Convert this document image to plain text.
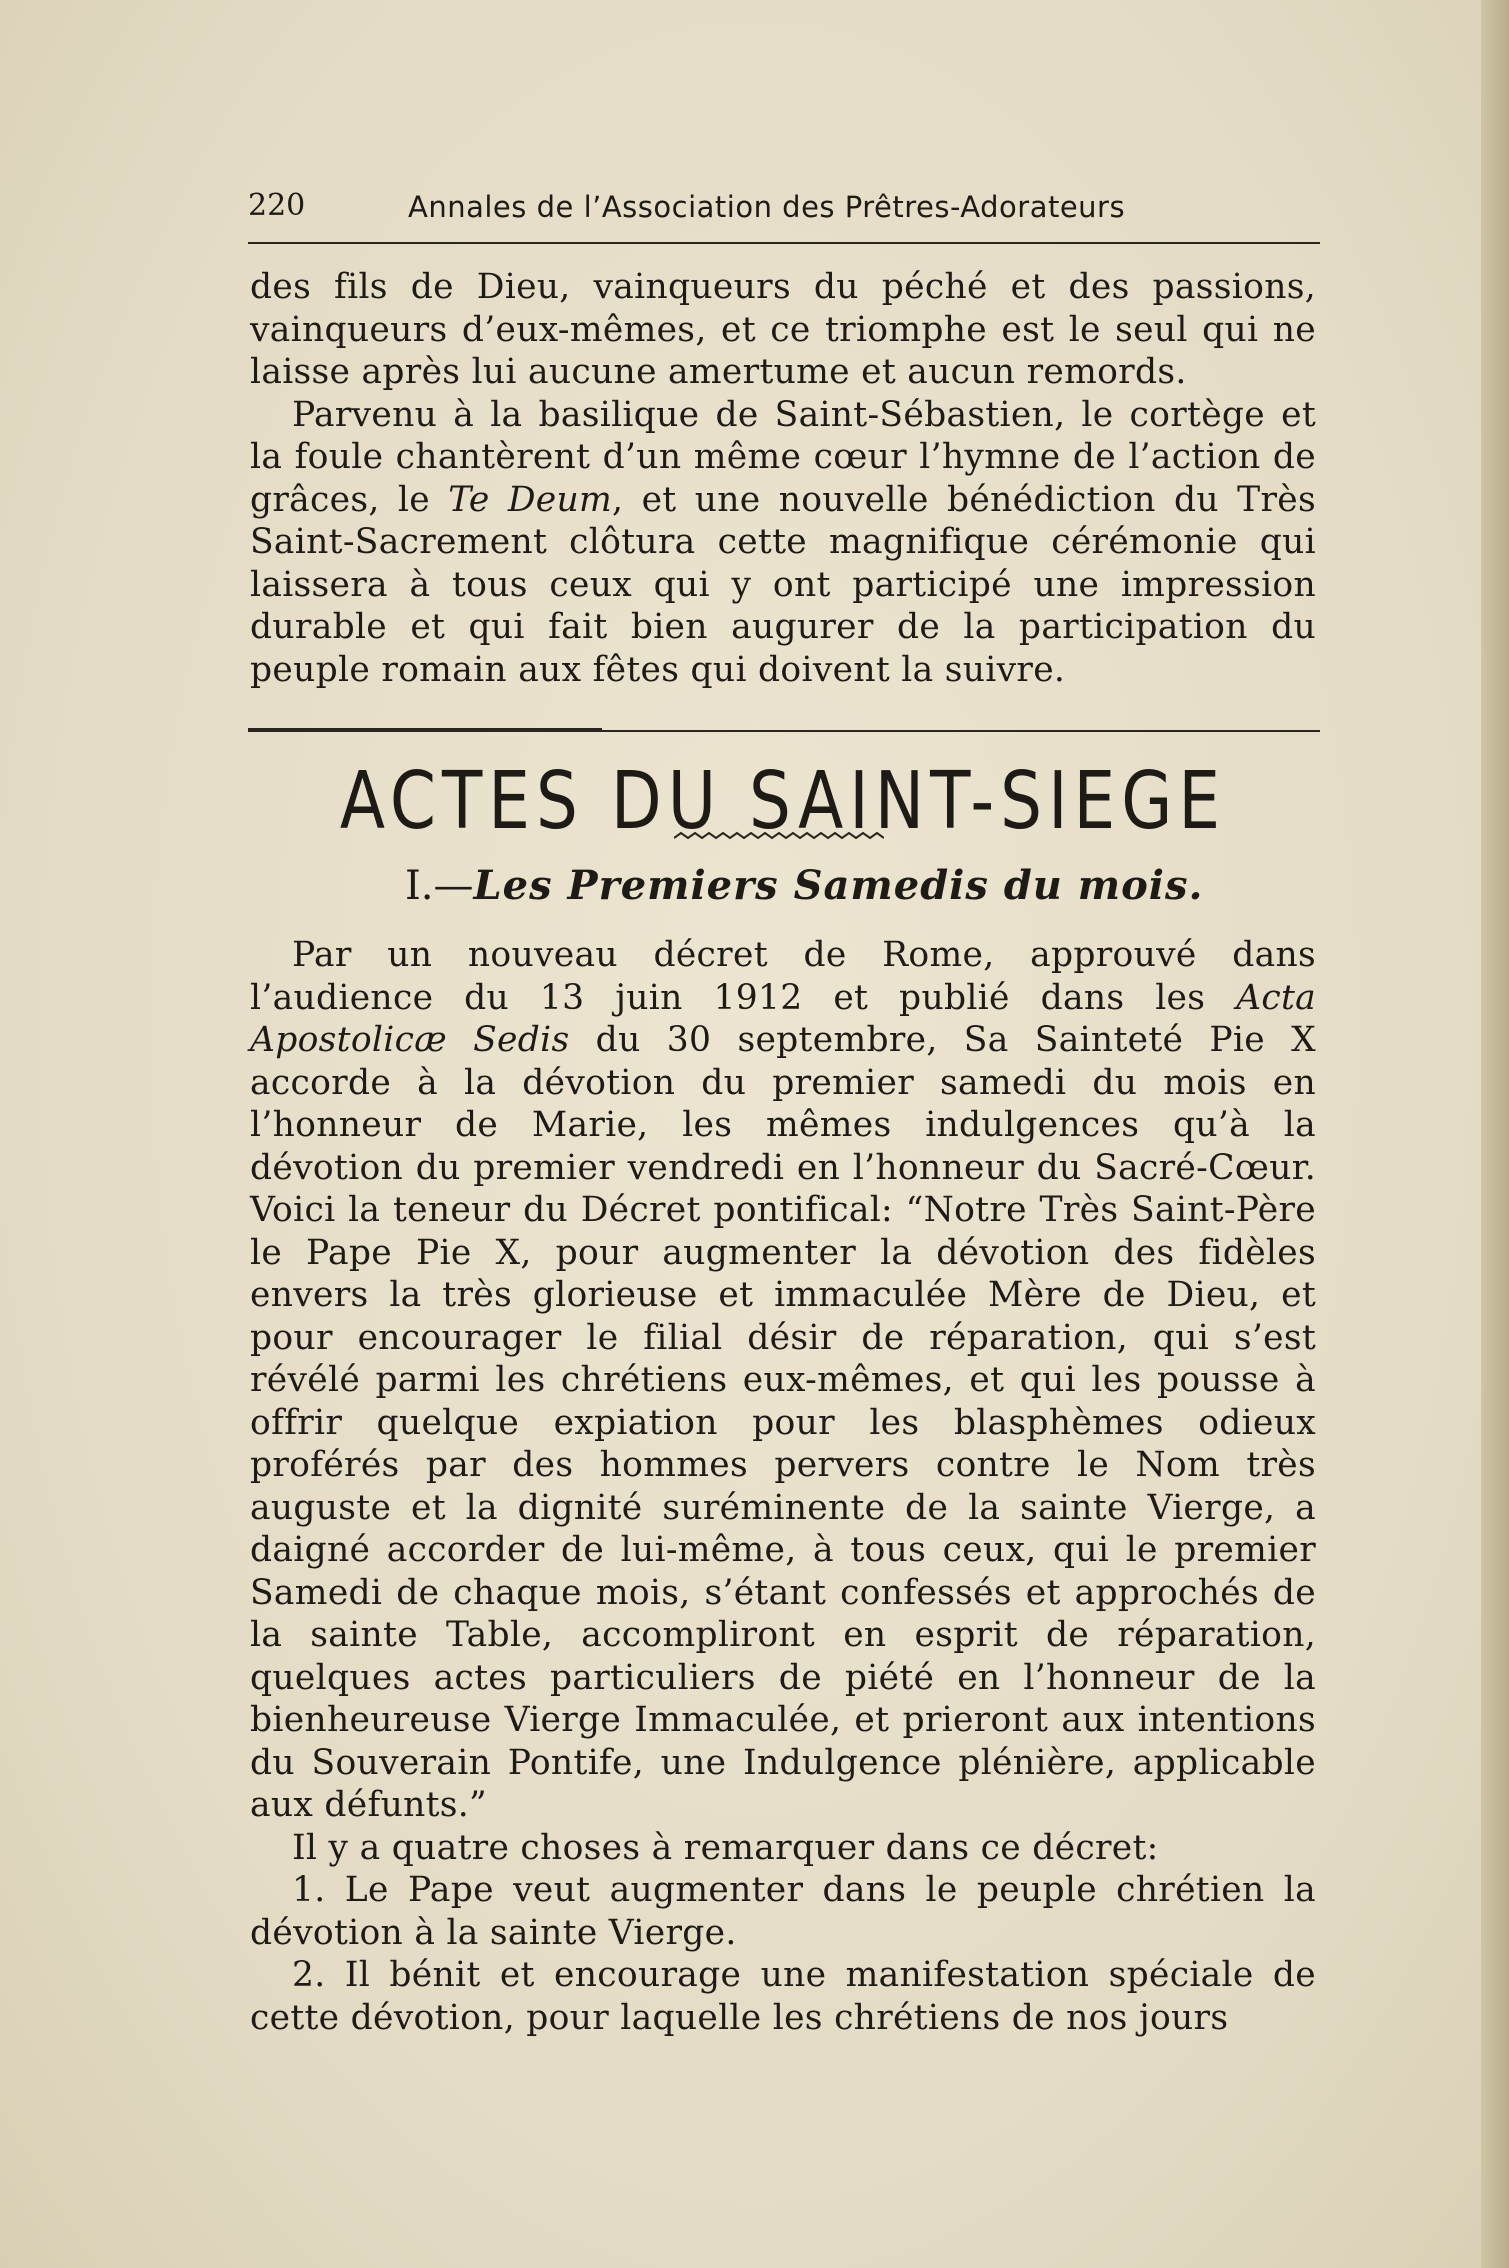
220	Annales de l’Association des Prêtres-Adorateurs

des fils de Dieu, vainqueurs du péché et des passions, vainqueurs d’eux-mêmes, et ce triomphe est le seul qui ne laisse après lui aucune amertume et aucun remords.

Parvenu à la basilique de Saint-Sébastien, le cortège et la foule chantèrent d’un même cœur l’hymne de l’action de grâces, le Te Deum, et une nouvelle bénédiction du Très Saint-Sacrement clôtura cette magnifique cérémonie qui laissera à tous ceux qui y ont participé une impression durable et qui fait bien augurer de la participation du peuple romain aux fêtes qui doivent la suivre.

ACTES DU SAINT-SIEGE
I.—Les Premiers Samedis du mois.

Par un nouveau décret de Rome, approuvé dans l’audience du 13 juin 1912 et publié dans les Acta Apostolicæ Sedis du 30 septembre, Sa Sainteté Pie X accorde à la dévotion du premier samedi du mois en l’honneur de Marie, les mêmes indulgences qu’à la dévotion du premier vendredi en l’honneur du Sacré-Cœur. Voici la teneur du Décret pontifical: “Notre Très Saint-Père le Pape Pie X, pour augmenter la dévotion des fidèles envers la très glorieuse et immaculée Mère de Dieu, et pour encourager le filial désir de réparation, qui s’est révélé parmi les chrétiens eux-mêmes, et qui les pousse à offrir quelque expiation pour les blasphèmes odieux proférés par des hommes pervers contre le Nom très auguste et la dignité suréminente de la sainte Vierge, a daigné accorder de lui-même, à tous ceux, qui le premier Samedi de chaque mois, s’étant confessés et approchés de la sainte Table, accompliront en esprit de réparation, quelques actes particuliers de piété en l’honneur de la bienheureuse Vierge Immaculée, et prieront aux intentions du Souverain Pontife, une Indulgence plénière, applicable aux défunts.”

Il y a quatre choses à remarquer dans ce décret:

1. Le Pape veut augmenter dans le peuple chrétien la dévotion à la sainte Vierge.

2. Il bénit et encourage une manifestation spéciale de cette dévotion, pour laquelle les chrétiens de nos jours
